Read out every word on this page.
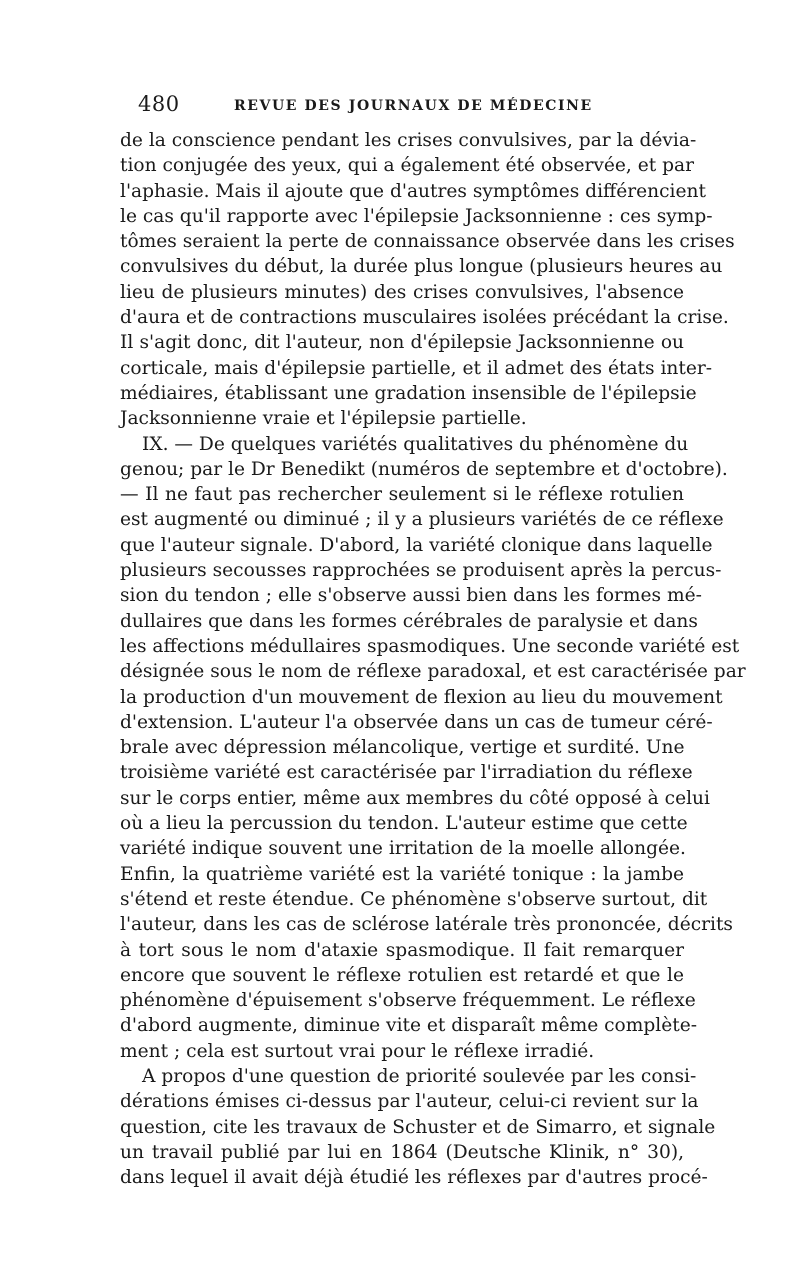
480	REVUE DES JOURNAUX DE MÉDECINE
de la conscience pendant les crises convulsives, par la dévia-
tion conjugée des yeux, qui a également été observée, et par
l'aphasie. Mais il ajoute que d'autres symptômes différencient
le cas qu'il rapporte avec l'épilepsie Jacksonnienne : ces symp-
tômes seraient la perte de connaissance observée dans les crises
convulsives du début, la durée plus longue (plusieurs heures au
lieu de plusieurs minutes) des crises convulsives, l'absence
d'aura et de contractions musculaires isolées précédant la crise.
Il s'agit donc, dit l'auteur, non d'épilepsie Jacksonnienne ou
corticale, mais d'épilepsie partielle, et il admet des états inter-
médiaires, établissant une gradation insensible de l'épilepsie
Jacksonnienne vraie et l'épilepsie partielle.
IX. — De quelques variétés qualitatives du phénomène du
genou; par le Dr Benedikt (numéros de septembre et d'octobre).
— Il ne faut pas rechercher seulement si le réflexe rotulien
est augmenté ou diminué ; il y a plusieurs variétés de ce réflexe
que l'auteur signale. D'abord, la variété clonique dans laquelle
plusieurs secousses rapprochées se produisent après la percus-
sion du tendon ; elle s'observe aussi bien dans les formes mé-
dullaires que dans les formes cérébrales de paralysie et dans
les affections médullaires spasmodiques. Une seconde variété est
désignée sous le nom de réflexe paradoxal, et est caractérisée par
la production d'un mouvement de flexion au lieu du mouvement
d'extension. L'auteur l'a observée dans un cas de tumeur céré-
brale avec dépression mélancolique, vertige et surdité. Une
troisième variété est caractérisée par l'irradiation du réflexe
sur le corps entier, même aux membres du côté opposé à celui
où a lieu la percussion du tendon. L'auteur estime que cette
variété indique souvent une irritation de la moelle allongée.
Enfin, la quatrième variété est la variété tonique : la jambe
s'étend et reste étendue. Ce phénomène s'observe surtout, dit
l'auteur, dans les cas de sclérose latérale très prononcée, décrits
à tort sous le nom d'ataxie spasmodique. Il fait remarquer
encore que souvent le réflexe rotulien est retardé et que le
phénomène d'épuisement s'observe fréquemment. Le réflexe
d'abord augmente, diminue vite et disparaît même complète-
ment ; cela est surtout vrai pour le réflexe irradié.
A propos d'une question de priorité soulevée par les consi-
dérations émises ci-dessus par l'auteur, celui-ci revient sur la
question, cite les travaux de Schuster et de Simarro, et signale
un travail publié par lui en 1864 (Deutsche Klinik, n° 30),
dans lequel il avait déjà étudié les réflexes par d'autres procé-
